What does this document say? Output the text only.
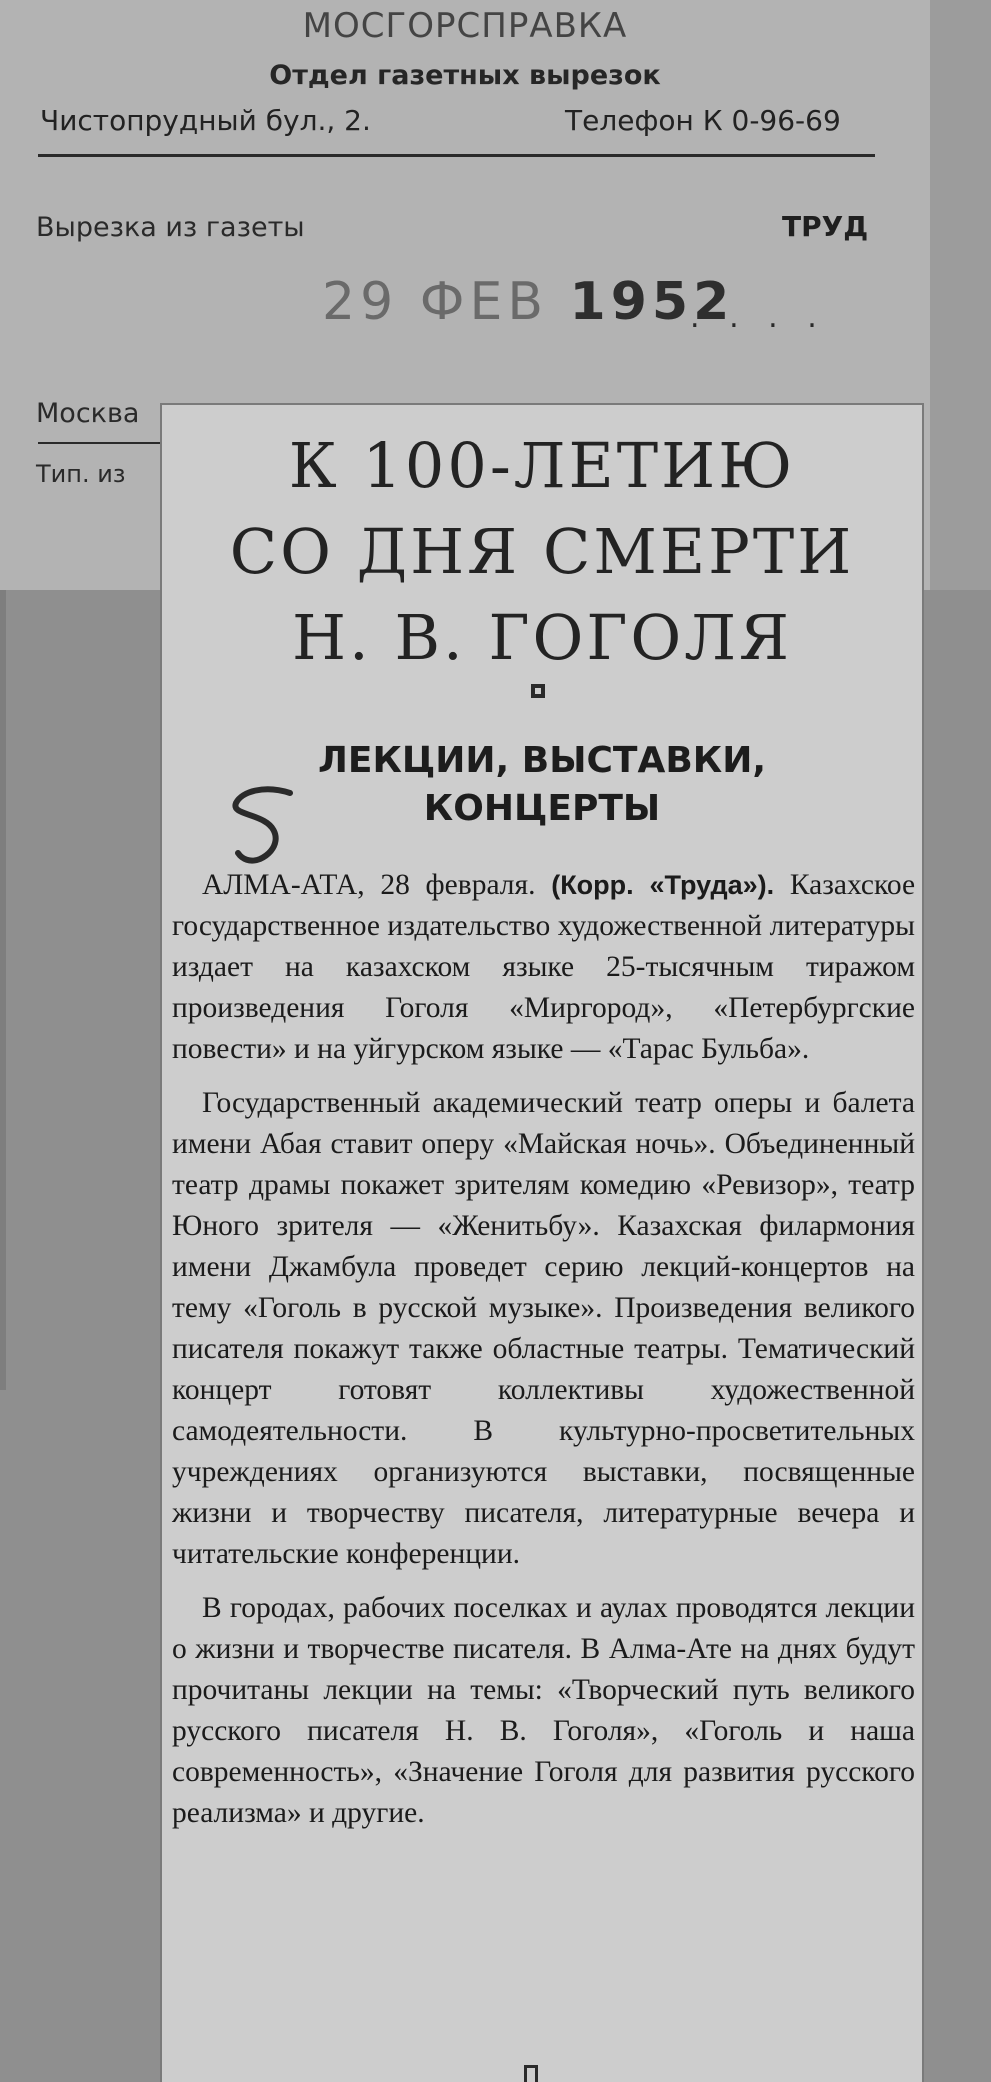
МОСГОРСПРАВКА
Отдел газетных вырезок
Чистопрудный бул., 2.	Телефон К 0-96-69
Вырезка из газеты	ТРУД
29 ФЕВ 1952
. . . .
Москва
Тип. из	К 100-ЛЕТИЮ
СО ДНЯ СМЕРТИ
Н. В. ГОГОЛЯ
ЛЕКЦИИ, ВЫСТАВКИ,
КОНЦЕРТЫ

АЛМА-АТА, 28 февраля. (Корр. «Труда»). Казахское государственное издательство художественной литературы издает на казахском языке 25-тысячным тиражом произведения Гоголя «Миргород», «Петербургские повести» и на уйгурском языке — «Тарас Бульба».

Государственный академический театр оперы и балета имени Абая ставит оперу «Майская ночь». Объединенный театр драмы покажет зрителям комедию «Ревизор», театр Юного зрителя — «Женитьбу». Казахская филармония имени Джамбула проведет серию лекций-концертов на тему «Гоголь в русской музыке». Произведения великого писателя покажут также областные театры. Тематический концерт готовят коллективы художественной самодеятельности. В культурно-просветительных учреждениях организуются выставки, посвященные жизни и творчеству писателя, литературные вечера и читательские конференции.

В городах, рабочих поселках и аулах проводятся лекции о жизни и творчестве писателя. В Алма-Ате на днях будут прочитаны лекции на темы: «Творческий путь великого русского писателя Н. В. Гоголя», «Гоголь и наша современность», «Значение Гоголя для развития русского реализма» и другие.
